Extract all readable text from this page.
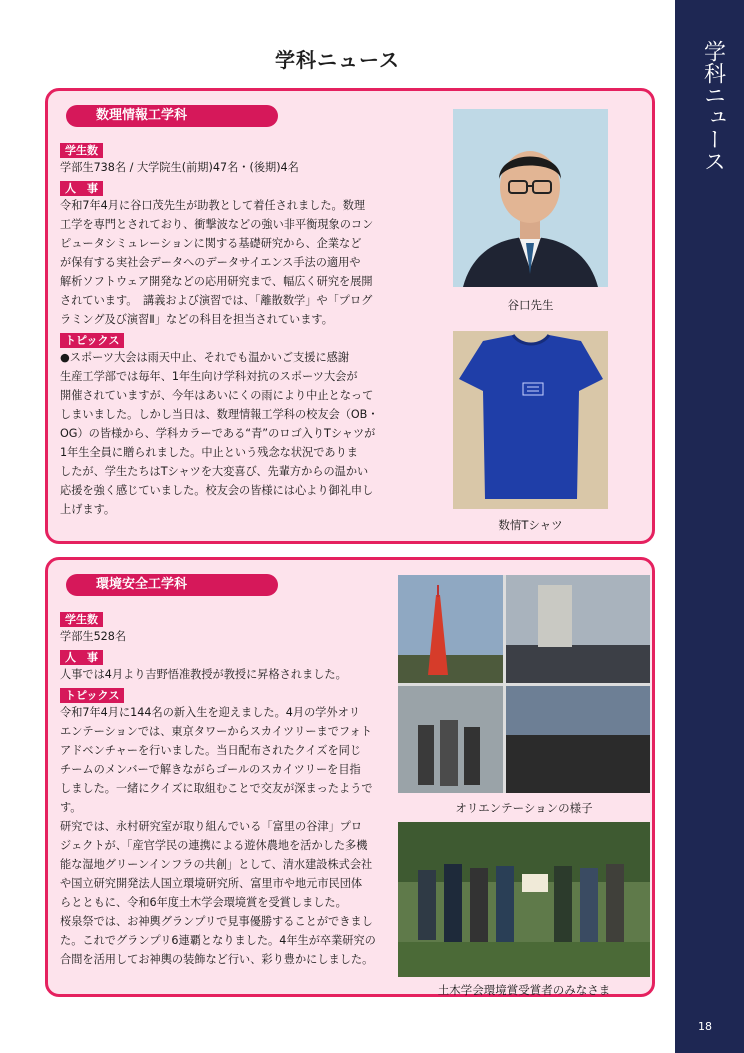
学科ニュース	学科ニュース
18
数理情報工学科
学生数
学部生738名 / 大学院生(前期)47名・(後期)4名
人　事
令和7年4月に谷口茂先生が助教として着任されました。数理
工学を専門とされており、衝撃波などの強い非平衡現象のコン
ピュータシミュレーションに関する基礎研究から、企業など
が保有する実社会データへのデータサイエンス手法の適用や
解析ソフトウェア開発などの応用研究まで、幅広く研究を展開
されています。　講義および演習では、「離散数学」や「プログ
ラミング及び演習Ⅱ」などの科目を担当されています。
トピックス
●スポーツ大会は雨天中止、それでも温かいご支援に感謝
生産工学部では毎年、1年生向け学科対抗のスポーツ大会が
開催されていますが、今年はあいにくの雨により中止となって
しまいました。しかし当日は、数理情報工学科の校友会（OB・
OG）の皆様から、学科カラーである“青”のロゴ入りTシャツが
1年生全員に贈られました。中止という残念な状況でありま
したが、学生たちはTシャツを大変喜び、先輩方からの温かい
応援を強く感じていました。校友会の皆様には心より御礼申し
上げます。
谷口先生
数情Tシャツ
環境安全工学科
学生数
学部生528名
人　事
人事では4月より吉野悟准教授が教授に昇格されました。
トピックス
令和7年4月に144名の新入生を迎えました。4月の学外オリ
エンテーションでは、東京タワーからスカイツリーまでフォト
アドベンチャーを行いました。当日配布されたクイズを同じ
チームのメンバーで解きながらゴールのスカイツリーを目指
しました。一緒にクイズに取組むことで交友が深まったようで
す。
研究では、永村研究室が取り組んでいる「富里の谷津」プロ
ジェクトが、「産官学民の連携による遊休農地を活かした多機
能な湿地グリーンインフラの共創」として、清水建設株式会社
や国立研究開発法人国立環境研究所、富里市や地元市民団体
らとともに、令和6年度土木学会環境賞を受賞しました。
桜泉祭では、お神輿グランプリで見事優勝することができまし
た。これでグランプリ6連覇となりました。4年生が卒業研究の
合間を活用してお神輿の装飾など行い、彩り豊かにしました。
オリエンテーションの様子
土木学会環境賞受賞者のみなさま
